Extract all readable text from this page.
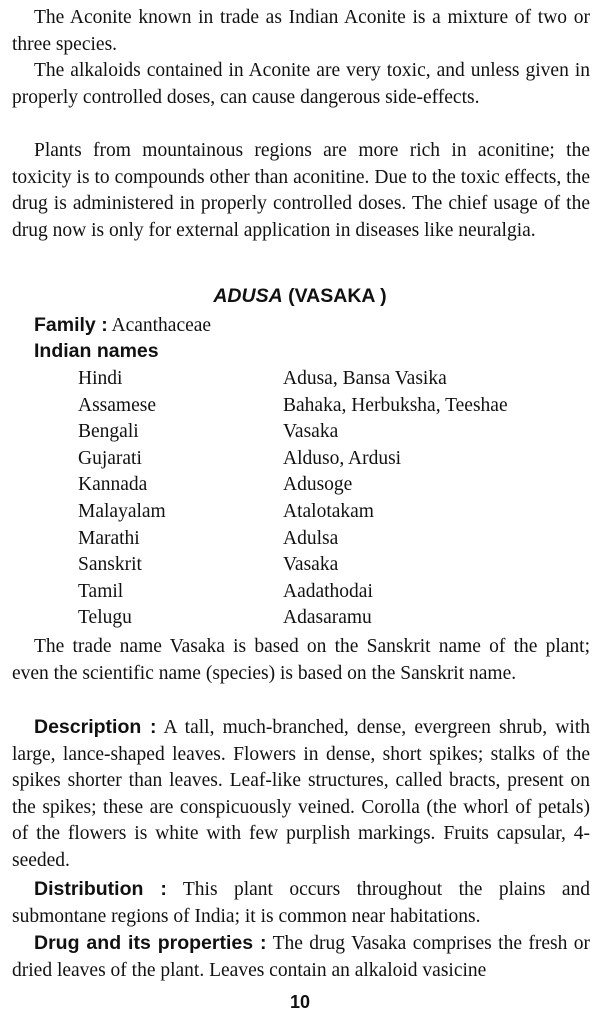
The Aconite known in trade as Indian Aconite is a mixture of two or three species.

The alkaloids contained in Aconite are very toxic, and unless given in properly controlled doses, can cause dangerous side-effects.

Plants from mountainous regions are more rich in aconitine; the toxicity is to compounds other than aconitine. Due to the toxic effects, the drug is administered in properly controlled doses. The chief usage of the drug now is only for external application in diseases like neuralgia.

ADUSA (VASAKA )

Family : Acanthaceae

Indian names

Hindi	Adusa, Bansa Vasika
Assamese	Bahaka, Herbuksha, Teeshae
Bengali	Vasaka
Gujarati	Alduso, Ardusi
Kannada	Adusoge
Malayalam	Atalotakam
Marathi	Adulsa
Sanskrit	Vasaka
Tamil	Aadathodai
Telugu	Adasaramu

The trade name Vasaka is based on the Sanskrit name of the plant; even the scientific name (species) is based on the Sanskrit name.

Description : A tall, much-branched, dense, evergreen shrub, with large, lance-shaped leaves. Flowers in dense, short spikes; stalks of the spikes shorter than leaves. Leaf-like structures, called bracts, present on the spikes; these are conspicuously veined. Corolla (the whorl of petals) of the flowers is white with few purplish markings. Fruits capsular, 4-seeded.

Distribution : This plant occurs throughout the plains and submontane regions of India; it is common near habitations.

Drug and its properties : The drug Vasaka comprises the fresh or dried leaves of the plant. Leaves contain an alkaloid vasicine

10
